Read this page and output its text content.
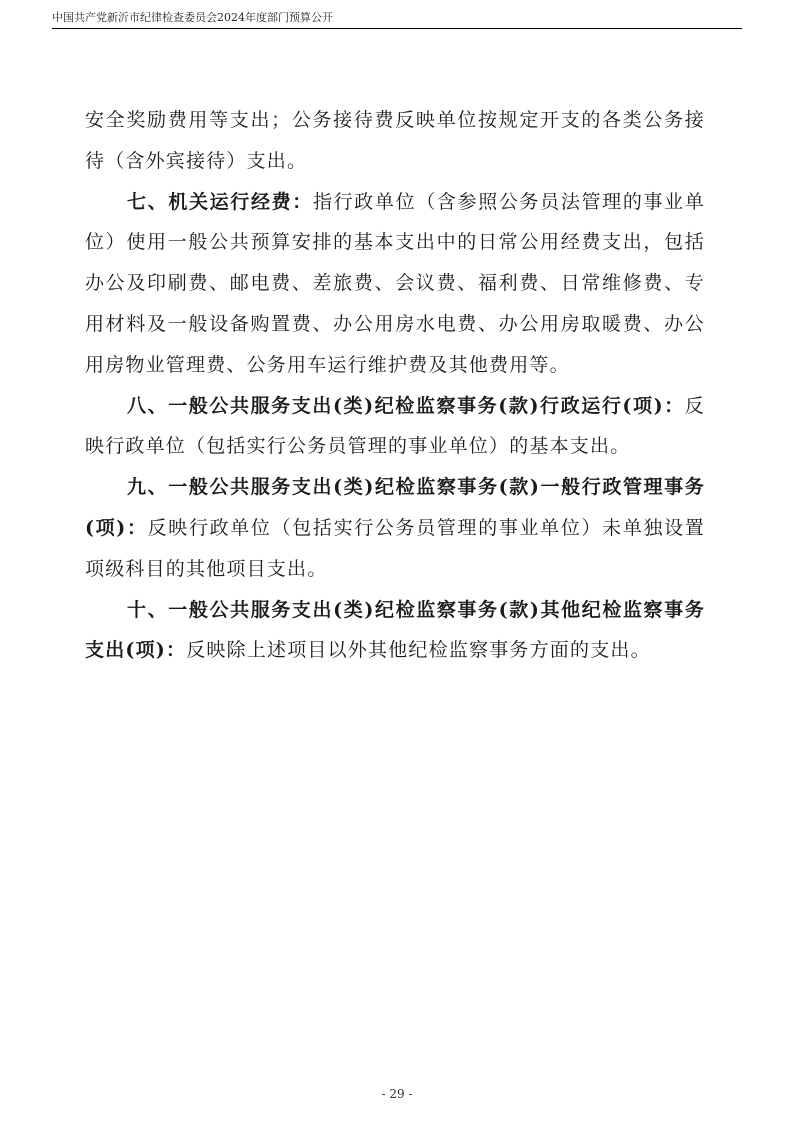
中国共产党新沂市纪律检查委员会2024年度部门预算公开

安全奖励费用等支出；公务接待费反映单位按规定开支的各类公务接待（含外宾接待）支出。

七、机关运行经费：指行政单位（含参照公务员法管理的事业单位）使用一般公共预算安排的基本支出中的日常公用经费支出，包括办公及印刷费、邮电费、差旅费、会议费、福利费、日常维修费、专用材料及一般设备购置费、办公用房水电费、办公用房取暖费、办公用房物业管理费、公务用车运行维护费及其他费用等。

八、一般公共服务支出(类)纪检监察事务(款)行政运行(项)：反映行政单位（包括实行公务员管理的事业单位）的基本支出。

九、一般公共服务支出(类)纪检监察事务(款)一般行政管理事务(项)：反映行政单位（包括实行公务员管理的事业单位）未单独设置项级科目的其他项目支出。

十、一般公共服务支出(类)纪检监察事务(款)其他纪检监察事务支出(项)：反映除上述项目以外其他纪检监察事务方面的支出。

- 29 -
